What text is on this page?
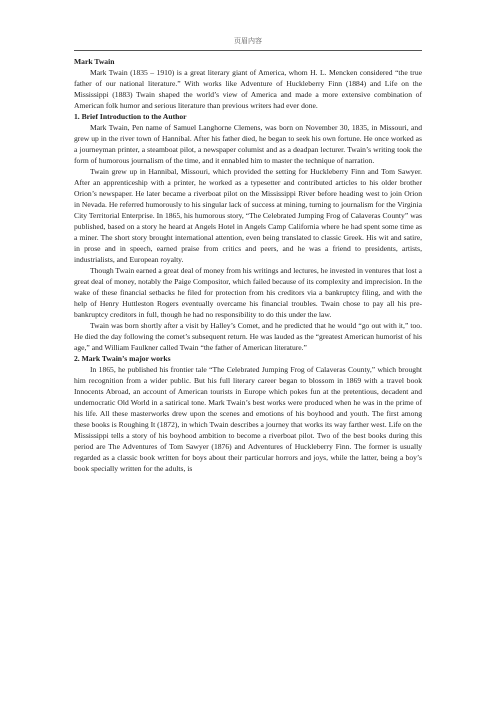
页眉内容
Mark Twain

Mark Twain (1835 – 1910) is a great literary giant of America, whom H. L. Mencken considered “the true father of our national literature.” With works like Adventure of Huckleberry Finn (1884) and Life on the Mississippi (1883) Twain shaped the world’s view of America and made a more extensive combination of American folk humor and serious literature than previous writers had ever done.

1. Brief Introduction to the Author

Mark Twain, Pen name of Samuel Langhorne Clemens, was born on November 30, 1835, in Missouri, and grew up in the river town of Hannibal. After his father died, he began to seek his own fortune. He once worked as a journeyman printer, a steamboat pilot, a newspaper columist and as a deadpan lecturer. Twain’s writing took the form of humorous journalism of the time, and it ennabled him to master the technique of narration.

Twain grew up in Hannibal, Missouri, which provided the setting for Huckleberry Finn and Tom Sawyer. After an apprenticeship with a printer, he worked as a typesetter and contributed articles to his older brother Orion’s newspaper. He later became a riverboat pilot on the Mississippi River before heading west to join Orion in Nevada. He referred humorously to his singular lack of success at mining, turning to journalism for the Virginia City Territorial Enterprise. In 1865, his humorous story, “The Celebrated Jumping Frog of Calaveras County” was published, based on a story he heard at Angels Hotel in Angels Camp California where he had spent some time as a miner. The short story brought international attention, even being translated to classic Greek. His wit and satire, in prose and in speech, earned praise from critics and peers, and he was a friend to presidents, artists, industrialists, and European royalty.

Though Twain earned a great deal of money from his writings and lectures, he invested in ventures that lost a great deal of money, notably the Paige Compositor, which failed because of its complexity and imprecision. In the wake of these financial setbacks he filed for protection from his creditors via a bankruptcy filing, and with the help of Henry Huttleston Rogers eventually overcame his financial troubles. Twain chose to pay all his pre-bankruptcy creditors in full, though he had no responsibility to do this under the law.

Twain was born shortly after a visit by Halley’s Comet, and he predicted that he would “go out with it,” too. He died the day following the comet’s subsequent return. He was lauded as the “greatest American humorist of his age,” and William Faulkner called Twain “the father of American literature.”

2. Mark Twain’s major works

In 1865, he published his frontier tale “The Celebrated Jumping Frog of Calaveras County,” which brought him recognition from a wider public. But his full literary career began to blossom in 1869 with a travel book Innocents Abroad, an account of American tourists in Europe which pokes fun at the pretentious, decadent and undemocratic Old World in a satirical tone. Mark Twain’s best works were produced when he was in the prime of his life. All these masterworks drew upon the scenes and emotions of his boyhood and youth. The first among these books is Roughing It (1872), in which Twain describes a journey that works its way farther west. Life on the Mississippi tells a story of his boyhood ambition to become a riverboat pilot. Two of the best books during this period are The Adventures of Tom Sawyer (1876) and Adventures of Huckleberry Finn. The former is usually regarded as a classic book written for boys about their particular horrors and joys, while the latter, being a boy’s book specially written for the adults, is
